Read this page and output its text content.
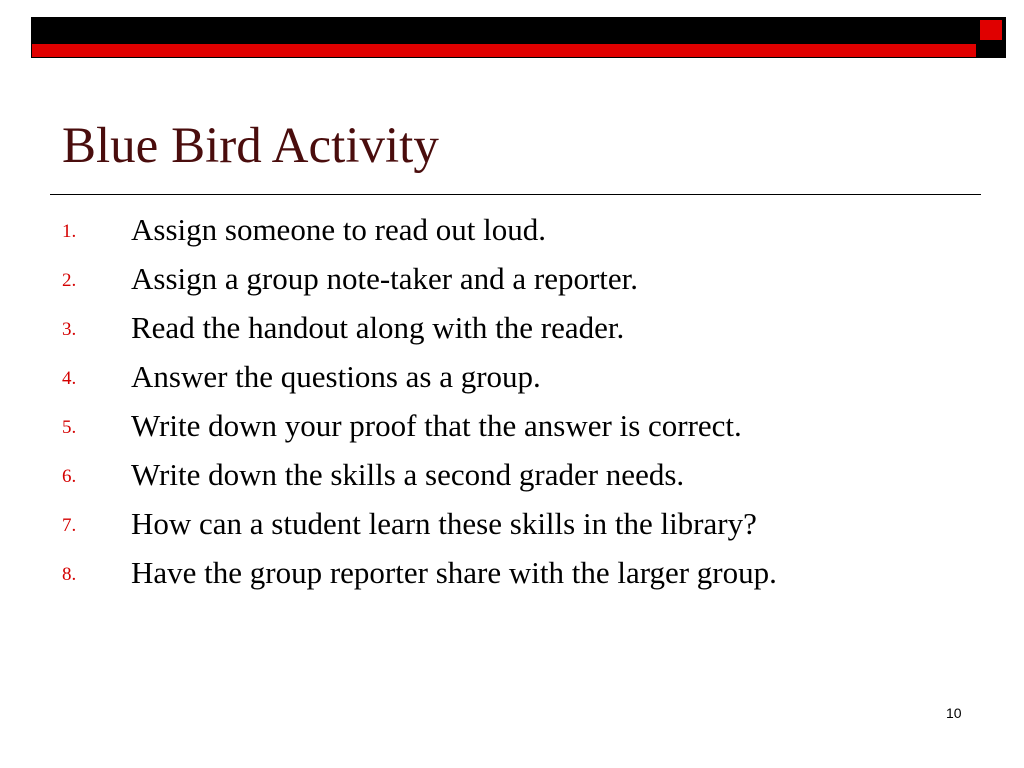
Blue Bird Activity
1. Assign someone to read out loud.
2. Assign a group note-taker and a reporter.
3. Read the handout along with the reader.
4. Answer the questions as a group.
5. Write down your proof that the answer is correct.
6. Write down the skills a second grader needs.
7. How can a student learn these skills in the library?
8. Have the group reporter share with the larger group.
10
